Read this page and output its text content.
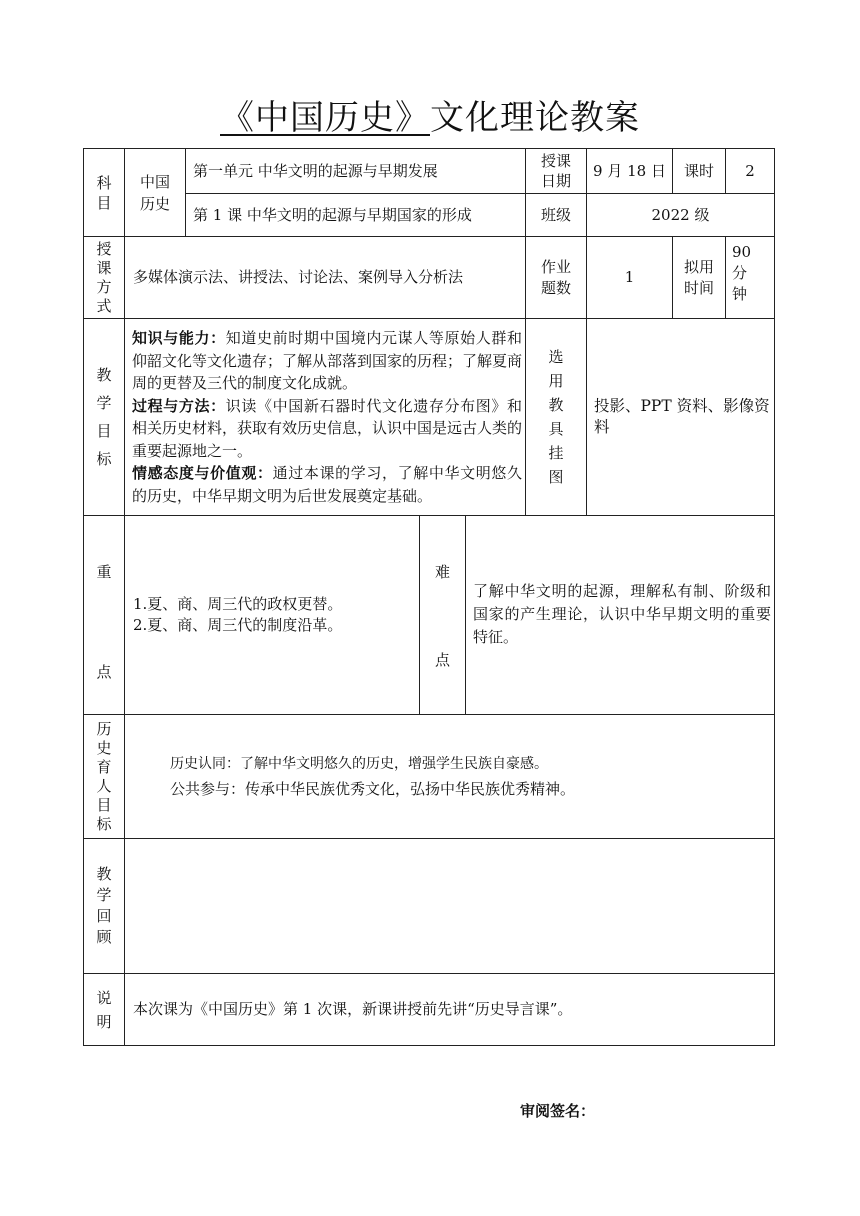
《中国历史》文化理论教案
科目
中国历史
第一单元 中华文明的起源与早期发展
第 1 课 中华文明的起源与早期国家的形成
授课日期
9 月 18 日 课时 2
班级	2022 级
授课方式
多媒体演示法、讲授法、讨论法、案例导入分析法
作业题数
1
拟用时间
90分钟
教学目标
知识与能力：知道史前时期中国境内元谋人等原始人群和仰韶文化等文化遗存；了解从部落到国家的历程；了解夏商周的更替及三代的制度文化成就。
过程与方法：识读《中国新石器时代文化遗存分布图》和相关历史材料，获取有效历史信息，认识中国是远古人类的重要起源地之一。
情感态度与价值观：通过本课的学习，了解中华文明悠久的历史，中华早期文明为后世发展奠定基础。
选用教具挂图
投影、PPT 资料、影像资料
重
点
1.夏、商、周三代的政权更替。
2.夏、商、周三代的制度沿革。
难
点
了解中华文明的起源，理解私有制、阶级和国家的产生理论，认识中华早期文明的重要特征。
历史育人目标
历史认同：了解中华文明悠久的历史，增强学生民族自豪感。
公共参与：传承中华民族优秀文化，弘扬中华民族优秀精神。
教学回顾
说明
本次课为《中国历史》第 1 次课，新课讲授前先讲“历史导言课”。
审阅签名：
